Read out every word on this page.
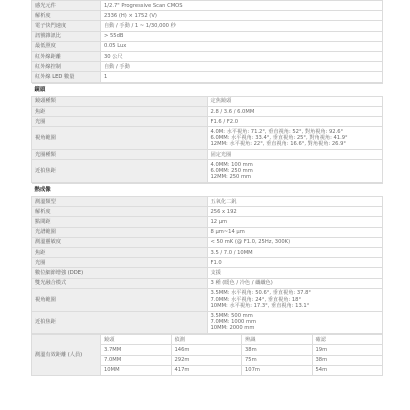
感光元件	1/2.7" Progressive Scan CMOS

解析度	2336 (H) × 1752 (V)

電子快門速度	自動 / 手動 / 1 ~ 1/30,000 秒

訊號雜訊比	> 55dB

最低照度	0.05 Lux

紅外線距離	30 公尺

紅外線控制	自動 / 手動

紅外線 LED 數量	1
鏡頭	
鏡頭種類	定焦鏡頭

焦距	2.8 / 3.6 / 6.0MM

光圈	F1.6 / F2.0

視角範圍	4.0M: 水平視角: 71.2°, 垂直視角: 52°, 對角視角: 92.6°
6.0MM: 水平視角: 33.4°, 垂直視角: 25°, 對角視角: 41.9°
12MM: 水平視角: 22°, 垂直視角: 16.6°, 對角視角: 26.9°

光圈種類	固定光圈

近拍焦距	4.0MM: 100 mm
6.0MM: 250 mm
12MM: 250 mm
熱成像	
測溫類型	五氧化二釩

解析度	256 x 192

點間距	12 μm

光譜範圍	8 μm~14 μm

測溫靈敏度	< 50 mK (@ F1.0, 25Hz, 300K)

焦距	3.5 / 7.0 / 10MM

光圈	F1.0

數位細節增強 (DDE)	支援

雙光融合模式	3 種 (暖色 / 冷色 / 纖纖色)

視角範圍	3.5MM: 水平視角: 50.6°, 垂直視角: 37.8°
7.0MM: 水平視角: 24°, 垂直視角: 18°
10MM: 水平視角: 17.3°, 垂直視角: 13.1°

近拍焦距	3.5MM: 500 mm
7.0MM: 1000 mm
10MM: 2000 mm
測溫有效距離 (人員)	鏡頭	偵測	辨識	確認
	3.7MM	146m	38m	19m
	7.0MM	292m	75m	38m
	10MM	417m	107m	54m
